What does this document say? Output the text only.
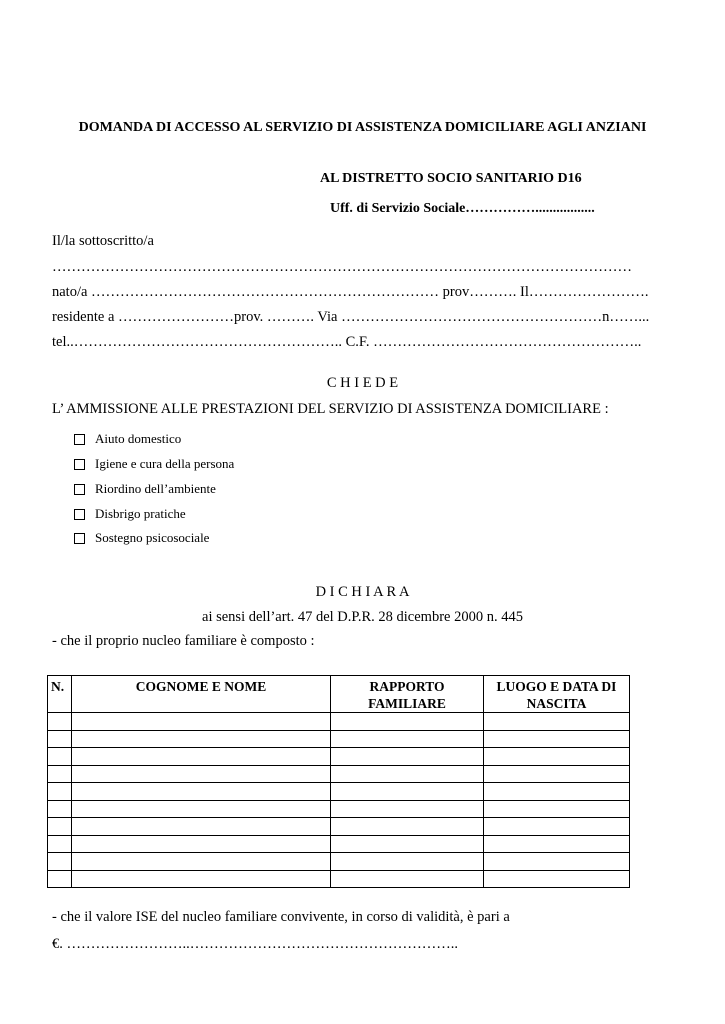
DOMANDA DI ACCESSO AL SERVIZIO DI ASSISTENZA DOMICILIARE AGLI ANZIANI
AL DISTRETTO SOCIO SANITARIO D16
Uff. di Servizio Sociale…………….................
Il/la sottoscritto/a
…………………………………………………………………………………………………………
nato/a ……………………………………………………………… prov………. Il…………………….
residente a ……………………prov. ………. Via ………………………………………………n……...
tel..……………………………………………….. C.F. ………………………………………………..
C H I E D E
L’ AMMISSIONE ALLE PRESTAZIONI DEL SERVIZIO DI ASSISTENZA DOMICILIARE :
Aiuto domestico
Igiene e cura della persona
Riordino dell’ambiente
Disbrigo pratiche
Sostegno psicosociale
D I C H I A R A
ai sensi dell’art. 47 del D.P.R. 28 dicembre 2000 n. 445
- che il proprio nucleo familiare è composto :
N.	COGNOME E NOME	RAPPORTO FAMILIARE	LUOGO E DATA DI NASCITA

- che il valore ISE del nucleo familiare convivente, in corso di validità, è pari a
€. ……………………..………………………………………………..
